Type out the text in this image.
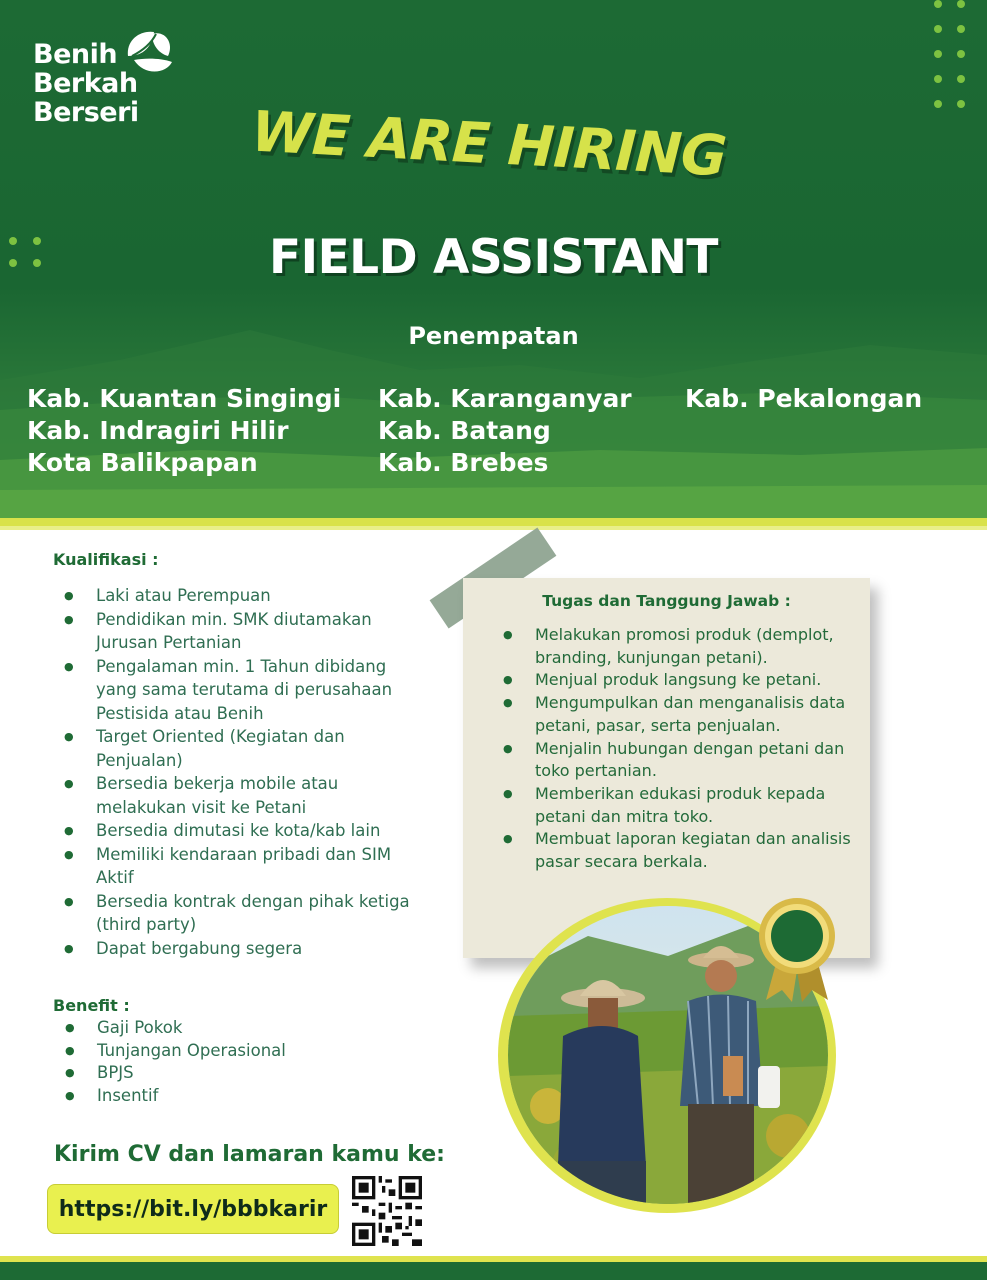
Benih
Berkah
Berseri	WE ARE HIRING
FIELD ASSISTANT
Penempatan
Kab. Kuantan Singingi
Kab. Indragiri Hilir
Kota Balikpapan
Kab. Karanganyar
Kab. Batang
Kab. Brebes
Kab. Pekalongan
Kualifikasi :
● Laki atau Perempuan
● Pendidikan min. SMK diutamakan Jurusan Pertanian
● Pengalaman min. 1 Tahun dibidang yang sama terutama di perusahaan Pestisida atau Benih
● Target Oriented (Kegiatan dan Penjualan)
● Bersedia bekerja mobile atau melakukan visit ke Petani
● Bersedia dimutasi ke kota/kab lain
● Memiliki kendaraan pribadi dan SIM Aktif
● Bersedia kontrak dengan pihak ketiga (third party)
● Dapat bergabung segera
Benefit :
● Gaji Pokok
● Tunjangan Operasional
● BPJS
● Insentif
Tugas dan Tanggung Jawab :
● Melakukan promosi produk (demplot, branding, kunjungan petani).
● Menjual produk langsung ke petani.
● Mengumpulkan dan menganalisis data petani, pasar, serta penjualan.
● Menjalin hubungan dengan petani dan toko pertanian.
● Memberikan edukasi produk kepada petani dan mitra toko.
● Membuat laporan kegiatan dan analisis pasar secara berkala.
Kirim CV dan lamaran kamu ke:
https://bit.ly/bbbkarir
